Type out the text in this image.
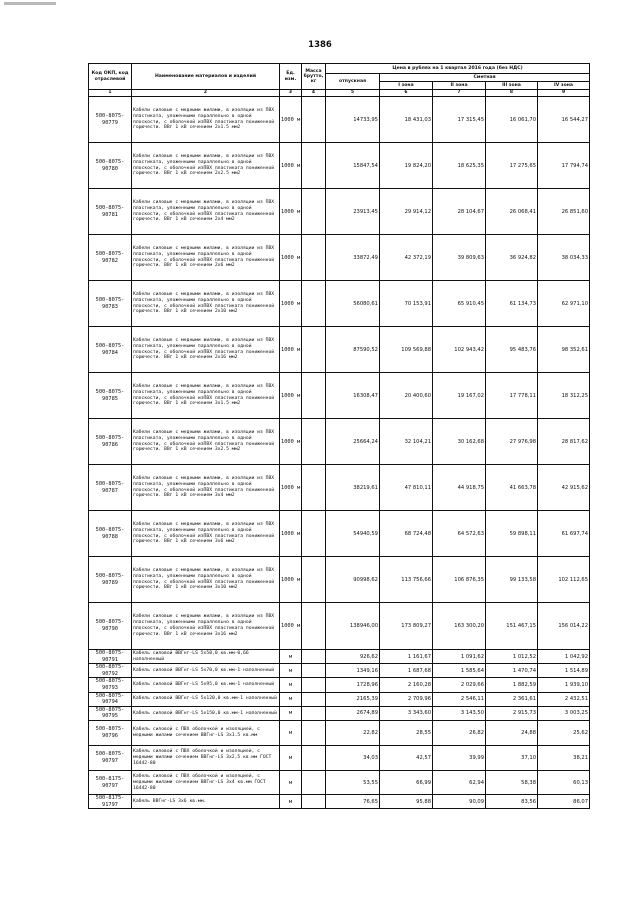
1386
Код ОКП, код отраслевой	Наименование материалов и изделий	Ед. изм.	Масса брутто, кг	Цена в рублях на 1 квартал 2016 года (без НДС)				
				отпускная	Сметная			
					I зона	II зона	III зона	IV зона
1	2	3	4	5	6	7	8	9

500-8075-
90779	Кабели силовые с медными жилами, в изоляции из ПВХ пластиката, уложенными параллельно в одной плоскости, с оболочкой изПВХ пластиката пониженной горючести. ВВг 1 кВ сечением 2х1.5 мм2	1000 м		14733,95	18 431,03	17 315,45	16 061,70	16 544,27

500-8075-
90780	Кабели силовые с медными жилами, в изоляции из ПВХ пластиката, уложенными параллельно в одной плоскости, с оболочкой изПВХ пластиката пониженной горючести. ВВг 1 кВ сечением 2х2.5 мм2	1000 м		15847,54	19 824,20	18 625,35	17 275,65	17 794,74

500-8075-
90781	Кабели силовые с медными жилами, в изоляции из ПВХ пластиката, уложенными параллельно в одной плоскости, с оболочкой изПВХ пластиката пониженной горючести. ВВг 1 кВ сечением 2х4 мм2	1000 м		23913,45	29 914,12	28 104,67	26 068,41	26 851,60

500-8075-
90782	Кабели силовые с медными жилами, в изоляции из ПВХ пластиката, уложенными параллельно в одной плоскости, с оболочкой изПВХ пластиката пониженной горючести. ВВг 1 кВ сечением 2х6 мм2	1000 м		33872,49	42 372,19	39 809,63	36 924,82	38 034,33

500-8075-
90783	Кабели силовые с медными жилами, в изоляции из ПВХ пластиката, уложенными параллельно в одной плоскости, с оболочкой изПВХ пластиката пониженной горючести. ВВг 1 кВ сечением 2х10 мм2	1000 м		56080,61	70 153,91	65 910,45	61 134,73	62 971,10

500-8075-
90784	Кабели силовые с медными жилами, в изоляции из ПВХ пластиката, уложенными параллельно в одной плоскости, с оболочкой изПВХ пластиката пониженной горючести. ВВг 1 кВ сечением 2х16 мм2	1000 м		87590,52	109 569,88	102 943,42	95 483,76	98 352,61

500-8075-
90785	Кабели силовые с медными жилами, в изоляции из ПВХ пластиката, уложенными параллельно в одной плоскости, с оболочкой изПВХ пластиката пониженной горючести. ВВг 1 кВ сечением 3х1.5 мм2	1000 м		16308,47	20 400,60	19 167,02	17 778,11	18 312,25

500-8075-
90786	Кабели силовые с медными жилами, в изоляции из ПВХ пластиката, уложенными параллельно в одной плоскости, с оболочкой изПВХ пластиката пониженной горючести. ВВг 1 кВ сечением 3х2.5 мм2	1000 м		25664,24	32 104,21	30 162,68	27 976,98	28 817,62

500-8075-
90787	Кабели силовые с медными жилами, в изоляции из ПВХ пластиката, уложенными параллельно в одной плоскости, с оболочкой изПВХ пластиката пониженной горючести. ВВг 1 кВ сечением 3х4 мм2	1000 м		38219,61	47 810,11	44 918,75	41 663,78	42 915,62

500-8075-
90788	Кабели силовые с медными жилами, в изоляции из ПВХ пластиката, уложенными параллельно в одной плоскости, с оболочкой изПВХ пластиката пониженной горючести. ВВг 1 кВ сечением 3х6 мм2	1000 м		54940,59	68 724,48	64 572,63	59 898,11	61 697,74

500-8075-
90789	Кабели силовые с медными жилами, в изоляции из ПВХ пластиката, уложенными параллельно в одной плоскости, с оболочкой изПВХ пластиката пониженной горючести. ВВг 1 кВ сечением 3х10 мм2	1000 м		90998,62	113 756,66	106 876,35	99 133,58	102 112,65

500-8075-
90790	Кабели силовые с медными жилами, в изоляции из ПВХ пластиката, уложенными параллельно в одной плоскости, с оболочкой изПВХ пластиката пониженной горючести. ВВг 1 кВ сечением 3х16 мм2	1000 м		138946,00	173 809,27	163 300,20	151 467,15	156 014,22

500-8075-
90791	Кабель силовой ВВГнг-LS 5х50,0 кв.мм-0,66 наполненный	м		926,62	1 161,67	1 091,62	1 012,52	1 042,92

500-8075-
90792	Кабель силовой ВВГнг-LS 5х70,0 кв.мм-1 наполненный	м		1349,16	1 687,68	1 585,64	1 470,74	1 514,89

500-8075-
90793	Кабель силовой ВВГнг-LS 5х95,0 кв.мм-1 наполненный	м		1728,96	2 160,28	2 029,66	1 882,59	1 939,10

500-8075-
90794	Кабель силовой ВВГнг-LS 5х120,0 кв.мм-1 наполненный	м		2165,39	2 709,96	2 546,11	2 361,61	2 432,51

500-8075-
90795	Кабель силовой ВВГнг-LS 5х150,0 кв.мм-1 наполненный	м		2674,89	3 343,60	3 143,50	2 915,73	3 003,25

500-8075-
90796	Кабель силовой с ПВХ оболочкой и изоляцией, с медными жилами сечением ВВГнг-LS 3х1.5 кв.мм	м		22,82	28,55	26,82	24,88	25,62

500-8075-
90797	Кабель силовой с ПВХ оболочкой и изоляцией, с медными жилами сечением ВВГнг-LS 3х2,5 кв.мм ГОСТ 16442-80	м		34,03	42,57	39,99	37,10	38,21

500-8175-
90797	Кабель силовой с ПВХ оболочкой и изоляцией, с медными жилами сечением ВВГнг-LS 3х4 кв.мм ГОСТ 16442-80	м		53,55	66,99	62,94	58,38	60,13

500-8175-
91797	Кабель ВВГнг-LS 3х6 кв.мм.	м		76,65	95,88	90,09	83,56	86,07
